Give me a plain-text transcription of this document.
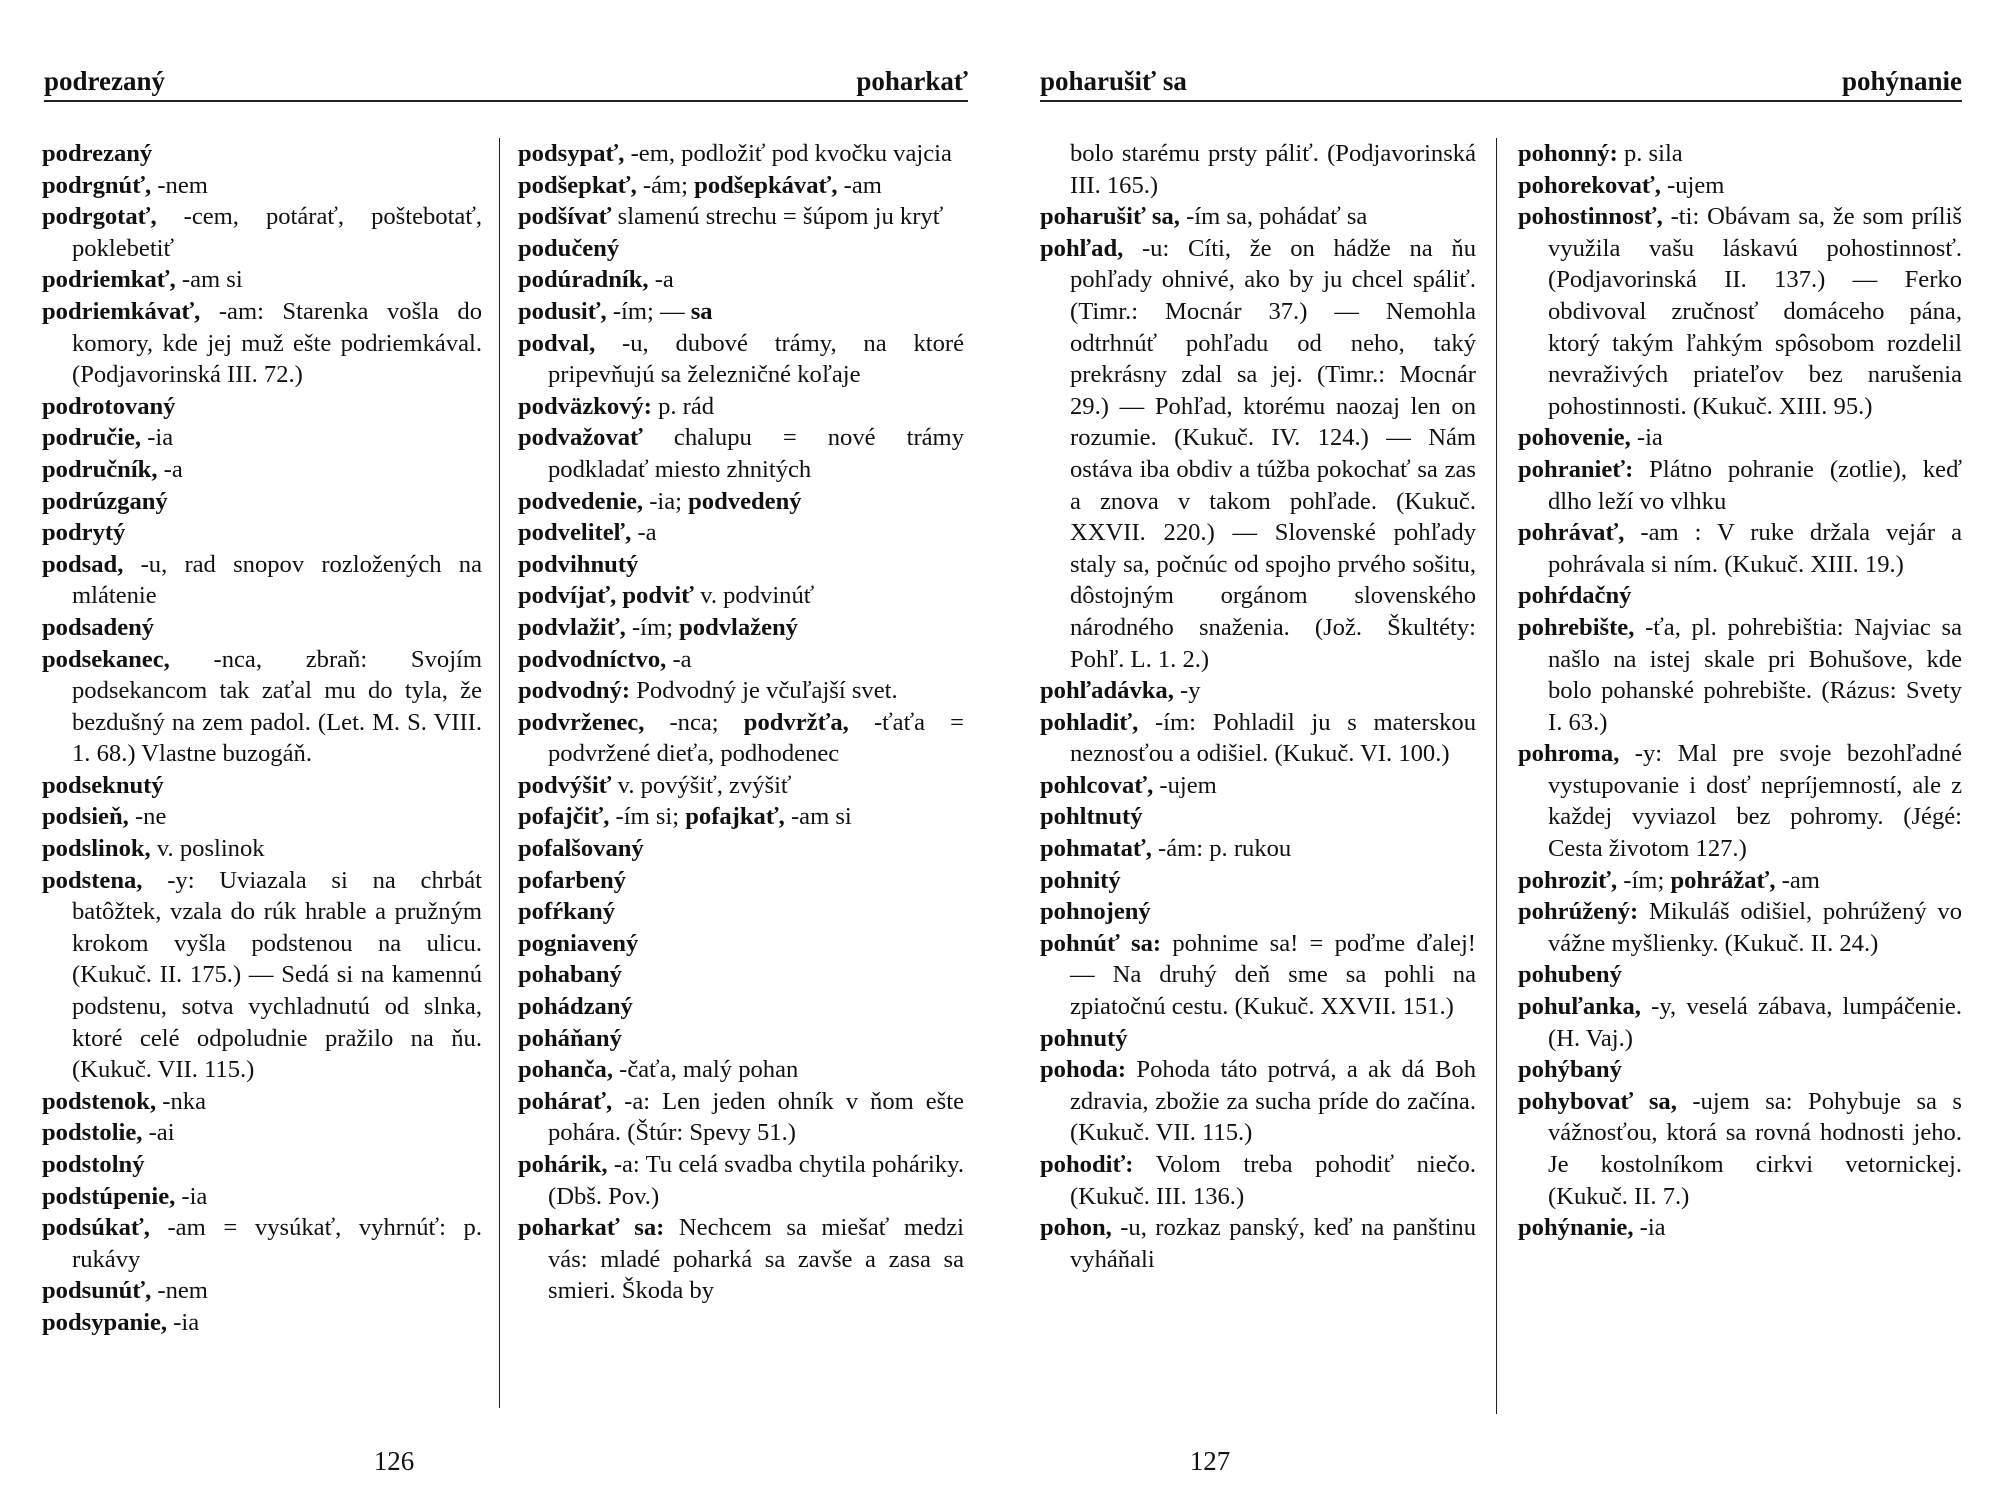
podrezaný	poharkať

podrezaný

podrgnúť, -nem

podrgotať, -cem, potárať, poštebotať, poklebetiť

podriemkať, -am si

podriemkávať, -am: Starenka vošla do komory, kde jej muž ešte podriemkával. (Podjavorinská III. 72.)

podrotovaný

područie, -ia

područník, -a

podrúzganý

podrytý

podsad, -u, rad snopov rozložených na mlátenie

podsadený

podsekanec, -nca, zbraň: Svojím podsekancom tak zaťal mu do tyla, že bezdušný na zem padol. (Let. M. S. VIII. 1. 68.) Vlastne buzogáň.

podseknutý

podsieň, -ne

podslinok, v. poslinok

podstena, -y: Uviazala si na chrbát batôžtek, vzala do rúk hrable a pružným krokom vyšla podstenou na ulicu. (Kukuč. II. 175.) — Sedá si na kamennú podstenu, sotva vychladnutú od slnka, ktoré celé odpoludnie pražilo na ňu. (Kukuč. VII. 115.)

podstenok, -nka

podstolie, -ai

podstolný

podstúpenie, -ia

podsúkať, -am = vysúkať, vyhrnúť: p. rukávy

podsunúť, -nem

podsypanie, -ia

podsypať, -em, podložiť pod kvočku vajcia

podšepkať, -ám; podšepkávať, -am

podšívať slamenú strechu = šúpom ju kryť

podučený

podúradník, -a

podusiť, -ím; — sa

podval, -u, dubové trámy, na ktoré pripevňujú sa železničné koľaje

podväzkový: p. rád

podvažovať chalupu = nové trámy podkladať miesto zhnitých

podvedenie, -ia; podvedený

podveliteľ, -a

podvihnutý

podvíjať, podviť v. podvinúť

podvlažiť, -ím; podvlažený

podvodníctvo, -a

podvodný: Podvodný je včuľajší svet.

podvrženec, -nca; podvržťa, -ťaťa = podvržené dieťa, podhodenec

podvýšiť v. povýšiť, zvýšiť

pofajčiť, -ím si; pofajkať, -am si

pofalšovaný

pofarbený

pofŕkaný

pogniavený

pohabaný

pohádzaný

poháňaný

pohanča, -čaťa, malý pohan

pohárať, -a: Len jeden ohník v ňom ešte pohára. (Štúr: Spevy 51.)

pohárik, -a: Tu celá svadba chytila poháriky. (Dbš. Pov.)

poharkať sa: Nechcem sa miešať medzi vás: mladé poharká sa zavše a zasa sa smieri. Škoda by

126
poharušiť sa	pohýnanie

bolo starému prsty páliť. (Podjavorinská III. 165.)

poharušiť sa, -ím sa, pohádať sa

pohľad, -u: Cíti, že on hádže na ňu pohľady ohnivé, ako by ju chcel spáliť. (Timr.: Mocnár 37.) — Nemohla odtrhnúť pohľadu od neho, taký prekrásny zdal sa jej. (Timr.: Mocnár 29.) — Pohľad, ktorému naozaj len on rozumie. (Kukuč. IV. 124.) — Nám ostáva iba obdiv a túžba pokochať sa zas a znova v takom pohľade. (Kukuč. XXVII. 220.) — Slovenské pohľady staly sa, počnúc od spojho prvého sošitu, dôstojným orgánom slovenského národného snaženia. (Jož. Škultéty: Pohľ. L. 1. 2.)

pohľadávka, -y

pohladiť, -ím: Pohladil ju s materskou neznosťou a odišiel. (Kukuč. VI. 100.)

pohlcovať, -ujem

pohltnutý

pohmatať, -ám: p. rukou

pohnitý

pohnojený

pohnúť sa: pohnime sa! = poďme ďalej! — Na druhý deň sme sa pohli na zpiatočnú cestu. (Kukuč. XXVII. 151.)

pohnutý

pohoda: Pohoda táto potrvá, a ak dá Boh zdravia, zbožie za sucha príde do začína. (Kukuč. VII. 115.)

pohodiť: Volom treba pohodiť niečo. (Kukuč. III. 136.)

pohon, -u, rozkaz panský, keď na panštinu vyháňali

pohonný: p. sila

pohorekovať, -ujem

pohostinnosť, -ti: Obávam sa, že som príliš využila vašu láskavú pohostinnosť. (Podjavorinská II. 137.) — Ferko obdivoval zručnosť domáceho pána, ktorý takým ľahkým spôsobom rozdelil nevraživých priateľov bez narušenia pohostinnosti. (Kukuč. XIII. 95.)

pohovenie, -ia

pohranieť: Plátno pohranie (zotlie), keď dlho leží vo vlhku

pohrávať, -am : V ruke držala vejár a pohrávala si ním. (Kukuč. XIII. 19.)

pohŕdačný

pohrebište, -ťa, pl. pohrebištia: Najviac sa našlo na istej skale pri Bohušove, kde bolo pohanské pohrebište. (Rázus: Svety I. 63.)

pohroma, -y: Mal pre svoje bezohľadné vystupovanie i dosť nepríjemností, ale z každej vyviazol bez pohromy. (Jégé: Cesta životom 127.)

pohroziť, -ím; pohrážať, -am

pohrúžený: Mikuláš odišiel, pohrúžený vo vážne myšlienky. (Kukuč. II. 24.)

pohubený

pohuľanka, -y, veselá zábava, lumpáčenie. (H. Vaj.)

pohýbaný

pohybovať sa, -ujem sa: Pohybuje sa s vážnosťou, ktorá sa rovná hodnosti jeho. Je kostolníkom cirkvi vetornickej. (Kukuč. II. 7.)

pohýnanie, -ia

127
